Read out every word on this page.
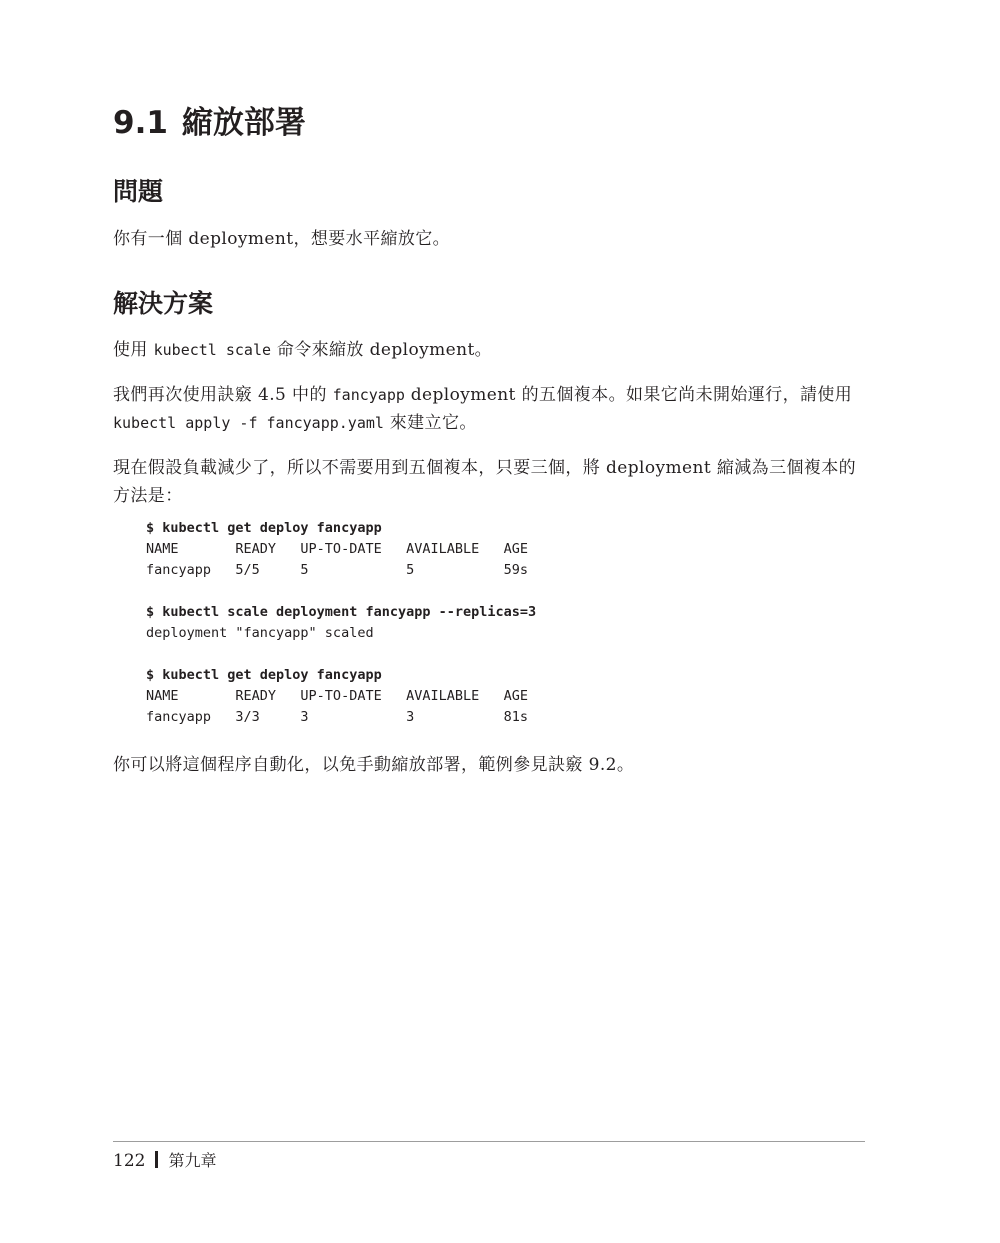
9.1 縮放部署
問題

你有一個 deployment，想要水平縮放它。

解決方案

使用 kubectl scale 命令來縮放 deployment。

我們再次使用訣竅 4.5 中的 fancyapp deployment 的五個複本。如果它尚未開始運行，請使用 kubectl apply -f fancyapp.yaml 來建立它。

現在假設負載減少了，所以不需要用到五個複本，只要三個，將 deployment 縮減為三個複本的方法是：

$ kubectl get deploy fancyapp
NAME       READY   UP-TO-DATE   AVAILABLE   AGE
fancyapp   5/5     5            5           59s
$ kubectl scale deployment fancyapp --replicas=3
deployment "fancyapp" scaled
$ kubectl get deploy fancyapp
NAME       READY   UP-TO-DATE   AVAILABLE   AGE
fancyapp   3/3     3            3           81s

你可以將這個程序自動化，以免手動縮放部署，範例參見訣竅 9.2。

122 第九章
